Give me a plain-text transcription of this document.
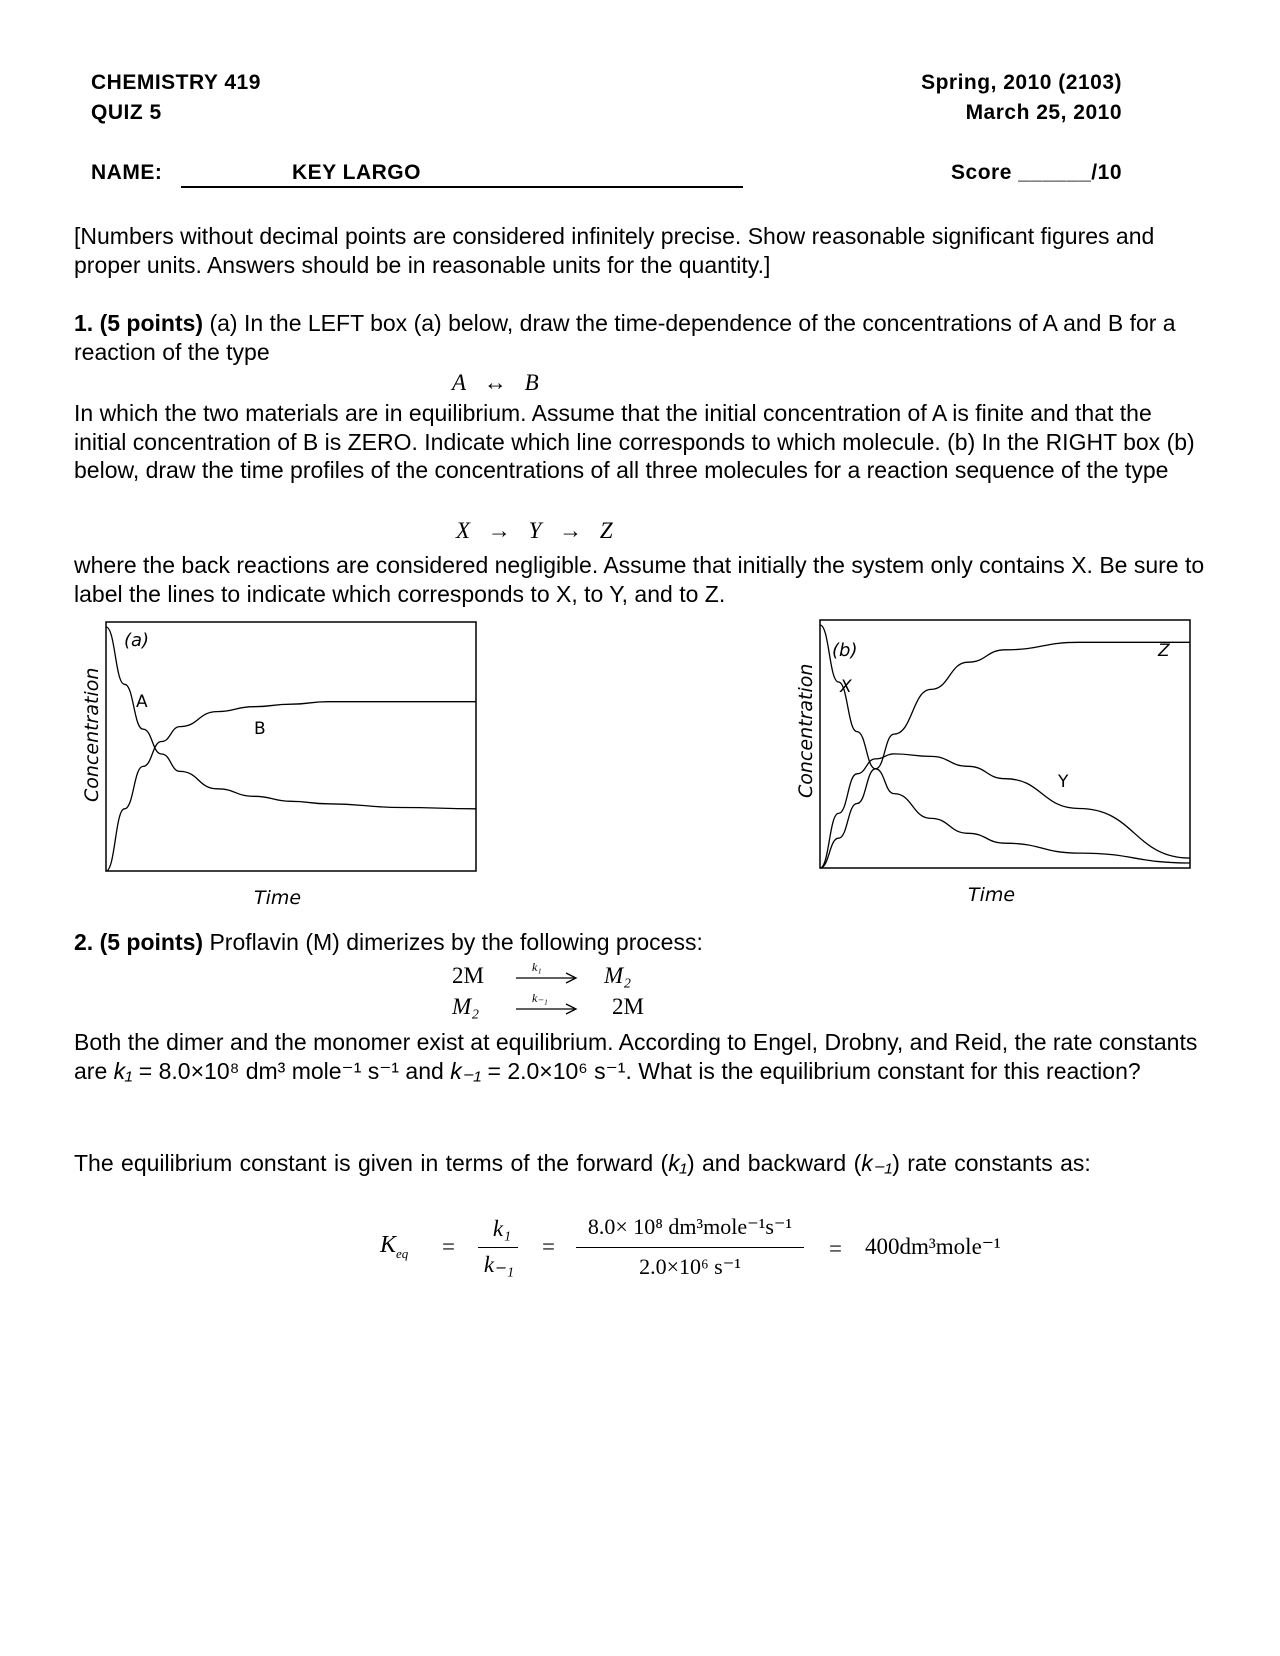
CHEMISTRY 419
QUIZ 5
Spring, 2010 (2103)
March 25, 2010
NAME:	KEY LARGO	Score ______/10
[Numbers without decimal points are considered infinitely precise. Show reasonable significant figures and proper units. Answers should be in reasonable units for the quantity.]
1. (5 points) (a) In the LEFT box (a) below, draw the time-dependence of the concentrations of A and B for a reaction of the type
A ↔ B
In which the two materials are in equilibrium. Assume that the initial concentration of A is finite and that the initial concentration of B is ZERO. Indicate which line corresponds to which molecule. (b) In the RIGHT box (b) below, draw the time profiles of the concentrations of all three molecules for a reaction sequence of the type
X → Y → Z
where the back reactions are considered negligible. Assume that initially the system only contains X. Be sure to label the lines to indicate which corresponds to X, to Y, and to Z.
(a)
A
B
Time
Concentration
(b)
X
Y
Z
Time
Concentration
2. (5 points) Proflavin (M) dimerizes by the following process:
2M	k₁	M₂
M₂	k₋₁	2M
Both the dimer and the monomer exist at equilibrium. According to Engel, Drobny, and Reid, the rate constants are k₁ = 8.0×10⁸ dm³ mole⁻¹ s⁻¹ and k₋₁ = 2.0×10⁶ s⁻¹. What is the equilibrium constant for this reaction?
The equilibrium constant is given in terms of the forward (k₁) and backward (k₋₁) rate constants as:
$K_{eq}$ =
k₁
k₋₁
=
8.0× 10⁸ dm³mole⁻¹s⁻¹
2.0×10⁶ s⁻¹
= 400dm³mole⁻¹
